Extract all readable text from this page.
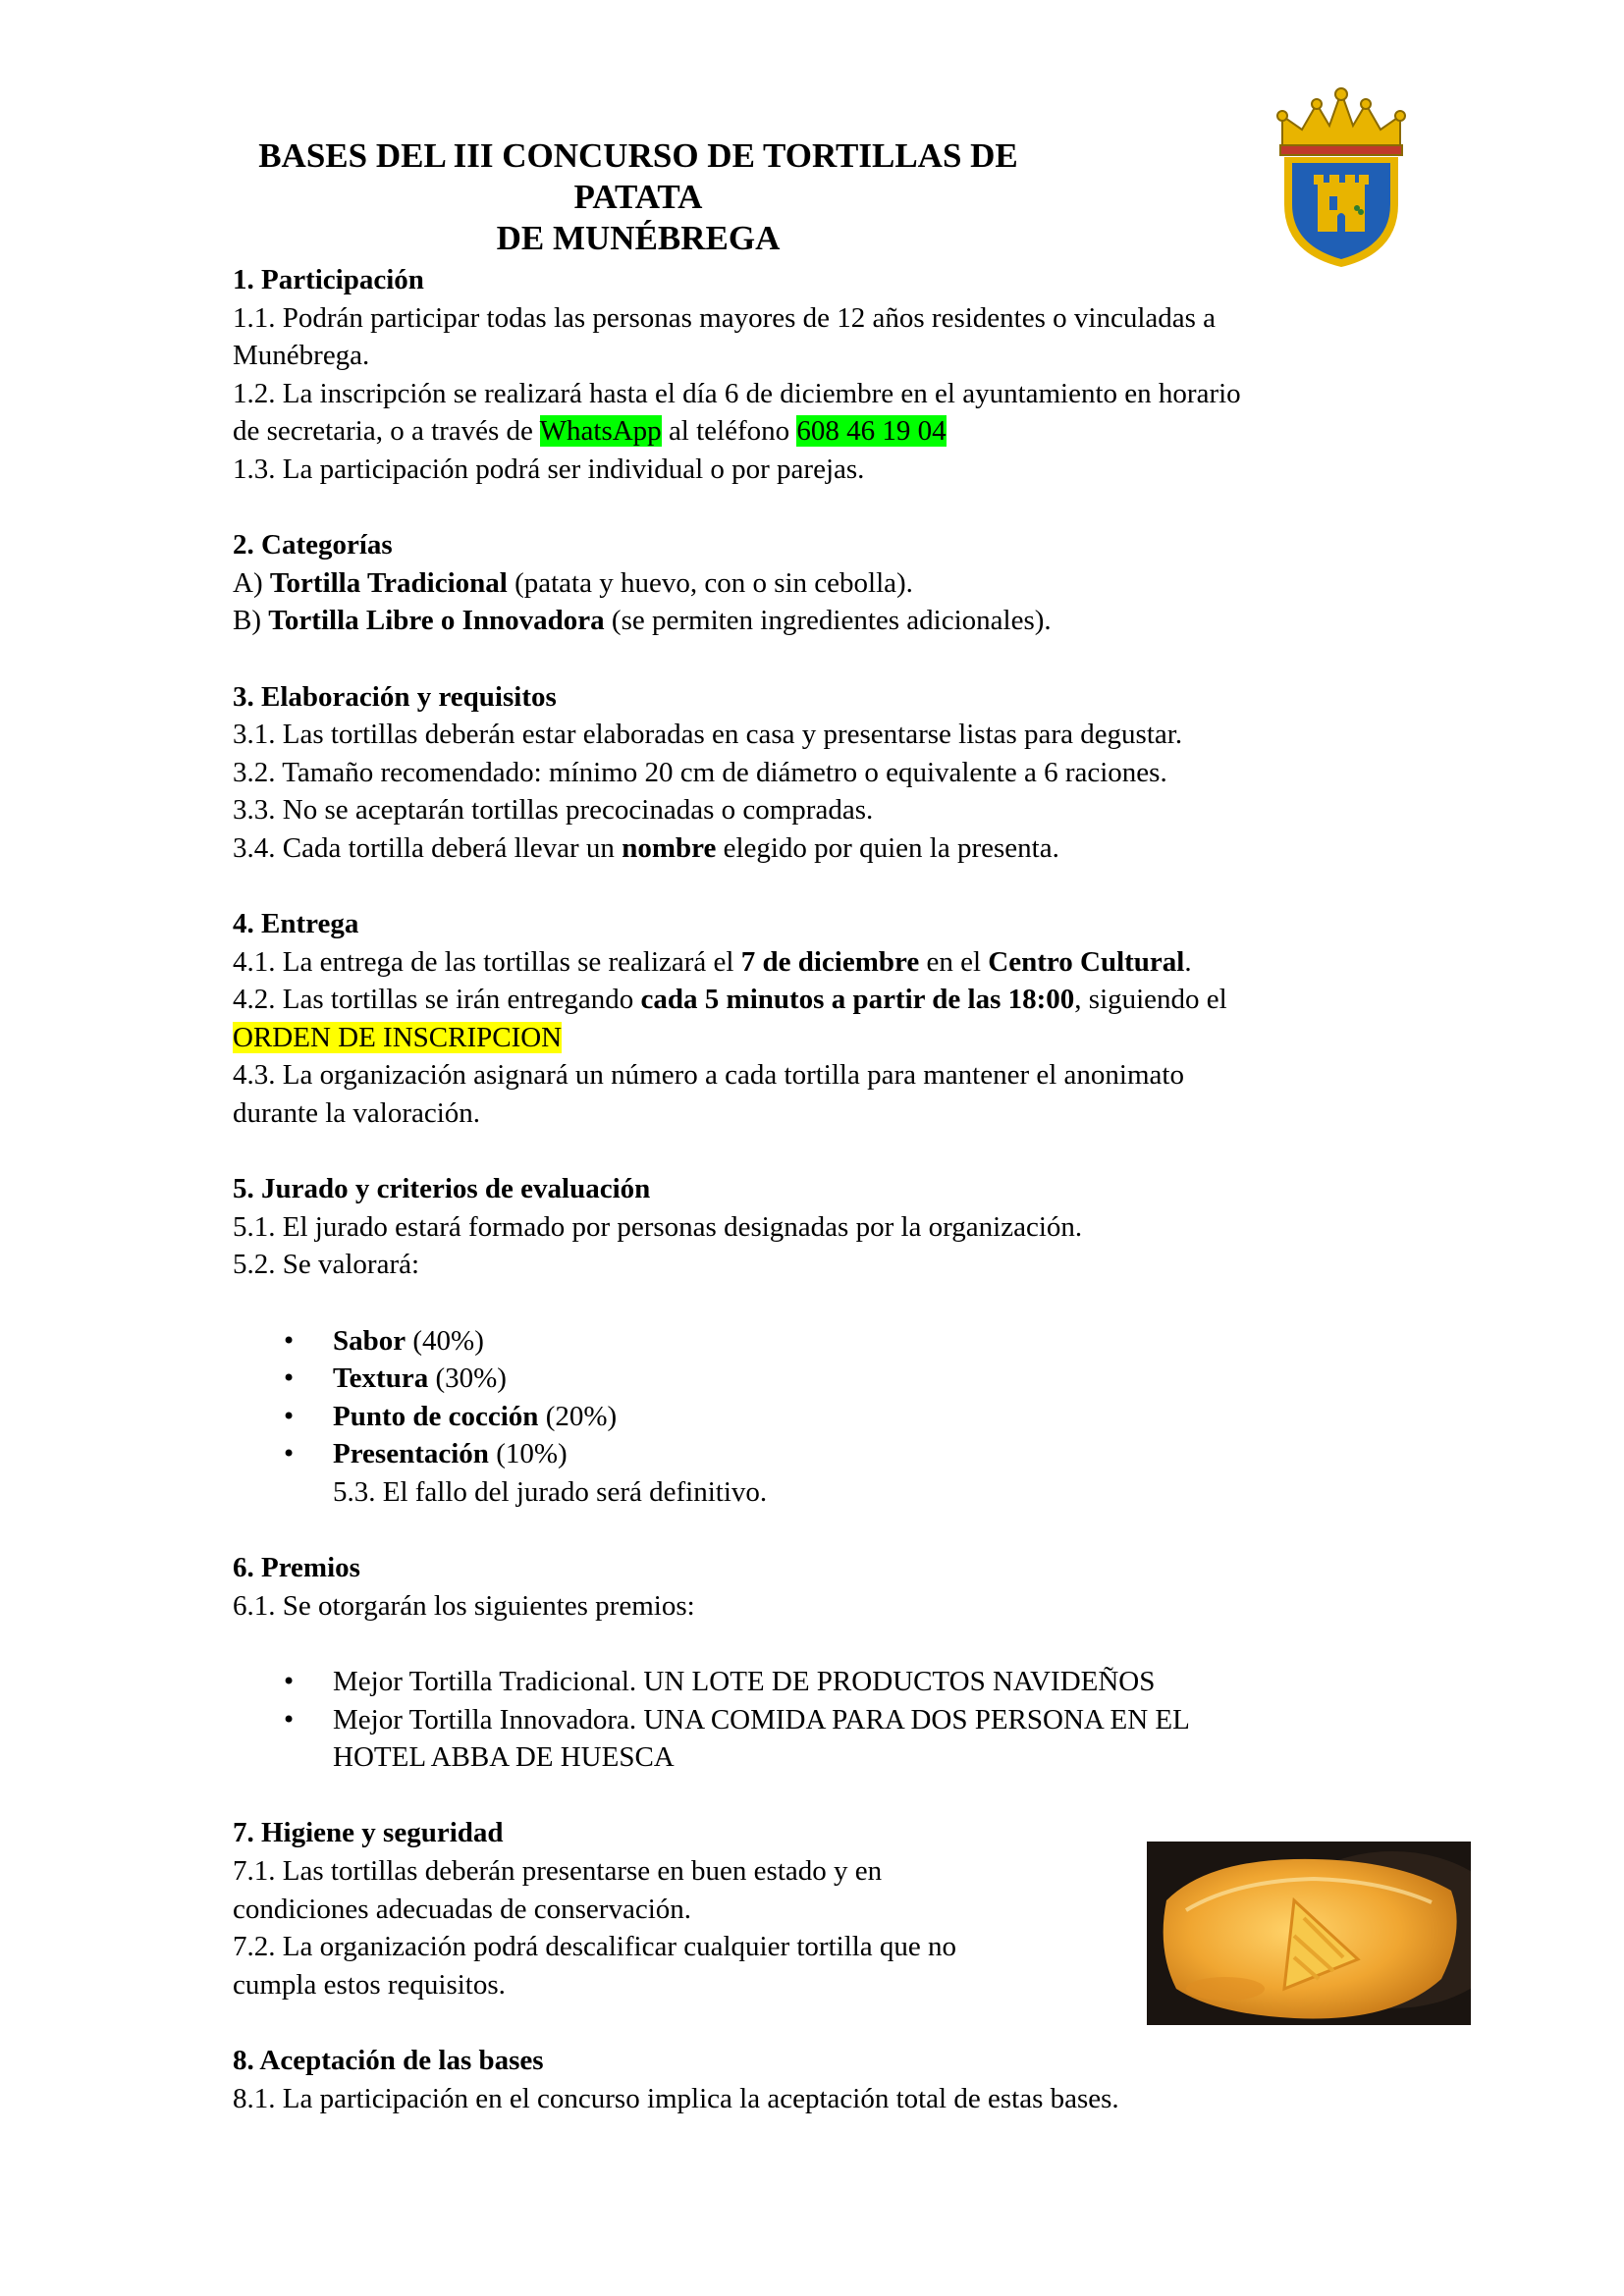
BASES DEL III CONCURSO DE TORTILLAS DE PATATA
DE MUNÉBREGA
1. Participación
1.1. Podrán participar todas las personas mayores de 12 años residentes o vinculadas a
Munébrega.
1.2. La inscripción se realizará hasta el día 6 de diciembre en el ayuntamiento en horario
de secretaria, o a través de WhatsApp al teléfono 608 46 19 04
1.3. La participación podrá ser individual o por parejas.
2. Categorías
A) Tortilla Tradicional (patata y huevo, con o sin cebolla).
B) Tortilla Libre o Innovadora (se permiten ingredientes adicionales).
3. Elaboración y requisitos
3.1. Las tortillas deberán estar elaboradas en casa y presentarse listas para degustar.
3.2. Tamaño recomendado: mínimo 20 cm de diámetro o equivalente a 6 raciones.
3.3. No se aceptarán tortillas precocinadas o compradas.
3.4. Cada tortilla deberá llevar un nombre elegido por quien la presenta.
4. Entrega
4.1. La entrega de las tortillas se realizará el 7 de diciembre en el Centro Cultural.
4.2. Las tortillas se irán entregando cada 5 minutos a partir de las 18:00, siguiendo el
ORDEN DE INSCRIPCION
4.3. La organización asignará un número a cada tortilla para mantener el anonimato
durante la valoración.
5. Jurado y criterios de evaluación
5.1. El jurado estará formado por personas designadas por la organización.
5.2. Se valorará:
• Sabor (40%)
• Textura (30%)
• Punto de cocción (20%)
• Presentación (10%)
5.3. El fallo del jurado será definitivo.
6. Premios
6.1. Se otorgarán los siguientes premios:
• Mejor Tortilla Tradicional. UN LOTE DE PRODUCTOS NAVIDEÑOS
• Mejor Tortilla Innovadora. UNA COMIDA PARA DOS PERSONA EN EL
HOTEL ABBA DE HUESCA
7. Higiene y seguridad
7.1. Las tortillas deberán presentarse en buen estado y en
condiciones adecuadas de conservación.
7.2. La organización podrá descalificar cualquier tortilla que no
cumpla estos requisitos.
8. Aceptación de las bases
8.1. La participación en el concurso implica la aceptación total de estas bases.
